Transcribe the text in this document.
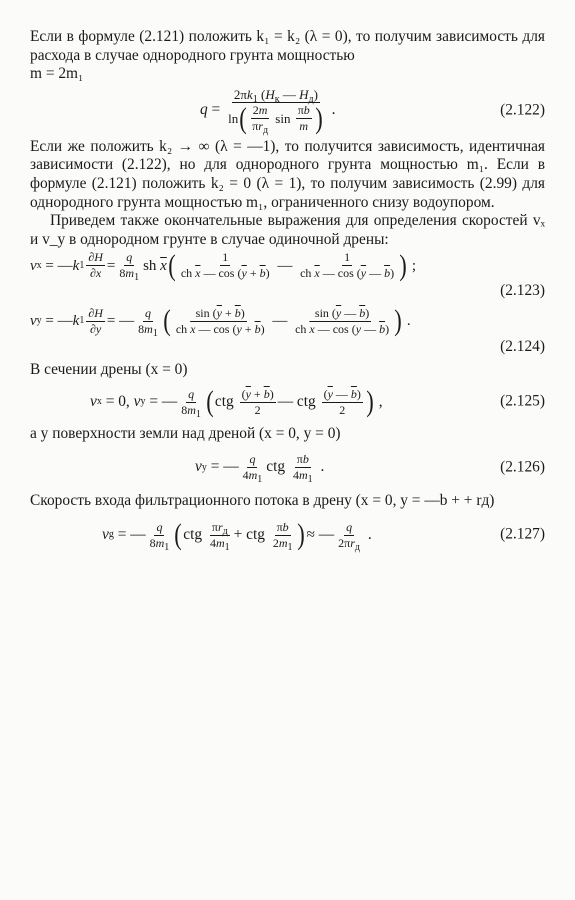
Если в формуле (2.121) положить k₁ = k₂ (λ = 0), то получим зависимость для расхода в случае однородного грунта мощностью
m = 2m₁

$q = \frac{2\pi k_1 (H_к — H_д)}{\ln ( \frac{2m}{\pi r_д} \sin \frac{\pi b}{m} )}$ .	(2.122)

Если же положить k₂ → ∞ (λ = —1), то получится зависимость, идентичная зависимости (2.122), но для однородного грунта мощностью m₁. Если в формуле (2.121) положить k₂ = 0 (λ = 1), то получим зависимость (2.99) для однородного грунта мощностью m₁, ограниченного снизу водоупором.

Приведем также окончательные выражения для определения скоростей vₓ и v_y в однородном грунте в случае одиночной дрены:

v x = — k $1 \frac{\partial H}{\partial x} = \frac{q}{8m_1}$ sh $\overline{x}$ ( $\frac{1}{ch \overline{x} — \cos (\overline{y} + \overline{b})}$ — $\frac{1}{ch \overline{x} — \cos (\overline{y} — \overline{b})}$ ) ;
(2.123)
v y = — k $1 \frac{\partial H}{\partial y}$ = — $\frac{q}{8m_1}$ ( $\frac{\sin (\overline{y} + \overline{b})}{ch \overline{x} — \cos (\overline{y} + \overline{b})}$ — $\frac{\sin (\overline{y} — \overline{b})}{ch \overline{x} — \cos (\overline{y} — \overline{b})}$ ) .
(2.124)

В сечении дрены (x = 0)

v x = 0, v y = — $\frac{q}{8m_1}$ ( ctg $\frac{(\overline{y} + \overline{b})}{2}$ — ctg $\frac{(\overline{y} — \overline{b})}{2}$ ) ,	(2.125)

а у поверхности земли над дреной (x = 0, y = 0)

v y = — $\frac{q}{4m_1}$ ctg $\frac{\pi b}{4m_1}$ .	(2.126)

Скорость входа фильтрационного потока в дрену (x = 0, y = —b + + rд)

v g = — $\frac{q}{8m_1}$ ( ctg $\frac{\pi r_д}{4m_1}$ + ctg $\frac{\pi b}{2m_1}$ ) ≈ — $\frac{q}{2\pi r_д}$ .	(2.127)
